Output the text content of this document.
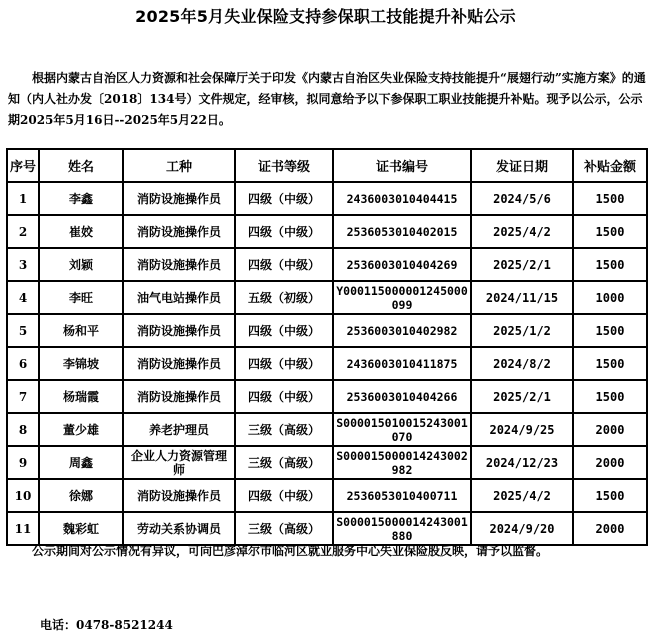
2025年5月失业保险支持参保职工技能提升补贴公示
根据内蒙古自治区人力资源和社会保障厅关于印发《内蒙古自治区失业保险支持技能提升“展翅行动”实施方案》的通知（内人社办发〔2018〕134号）文件规定，经审核，拟同意给予以下参保职工职业技能提升补贴。现予以公示，公示期2025年5月16日--2025年5月22日。
序号	姓名	工种	证书等级	证书编号	发证日期	补贴金额
1	李鑫	消防设施操作员	四级（中级）	2436003010404415	2024/5/6	1500
2	崔姣	消防设施操作员	四级（中级）	2536053010402015	2025/4/2	1500
3	刘颖	消防设施操作员	四级（中级）	2536003010404269	2025/2/1	1500
4	李旺	油气电站操作员	五级（初级）	Y000115000001245000099	2024/11/15	1000
5	杨和平	消防设施操作员	四级（中级）	2536003010402982	2025/1/2	1500
6	李锦坡	消防设施操作员	四级（中级）	2436003010411875	2024/8/2	1500
7	杨瑞霞	消防设施操作员	四级（中级）	2536003010404266	2025/2/1	1500
8	董少雄	养老护理员	三级（高级）	S000015010015243001070	2024/9/25	2000
9	周鑫	企业人力资源管理师	三级（高级）	S000015000014243002982	2024/12/23	2000
10	徐娜	消防设施操作员	四级（中级）	2536053010400711	2025/4/2	1500
11	魏彩虹	劳动关系协调员	三级（高级）	S000015000014243001880	2024/9/20	2000
公示期间对公示情况有异议，可向巴彦淖尔市临河区就业服务中心失业保险股反映，请予以监督。
电话：0478-8521244
